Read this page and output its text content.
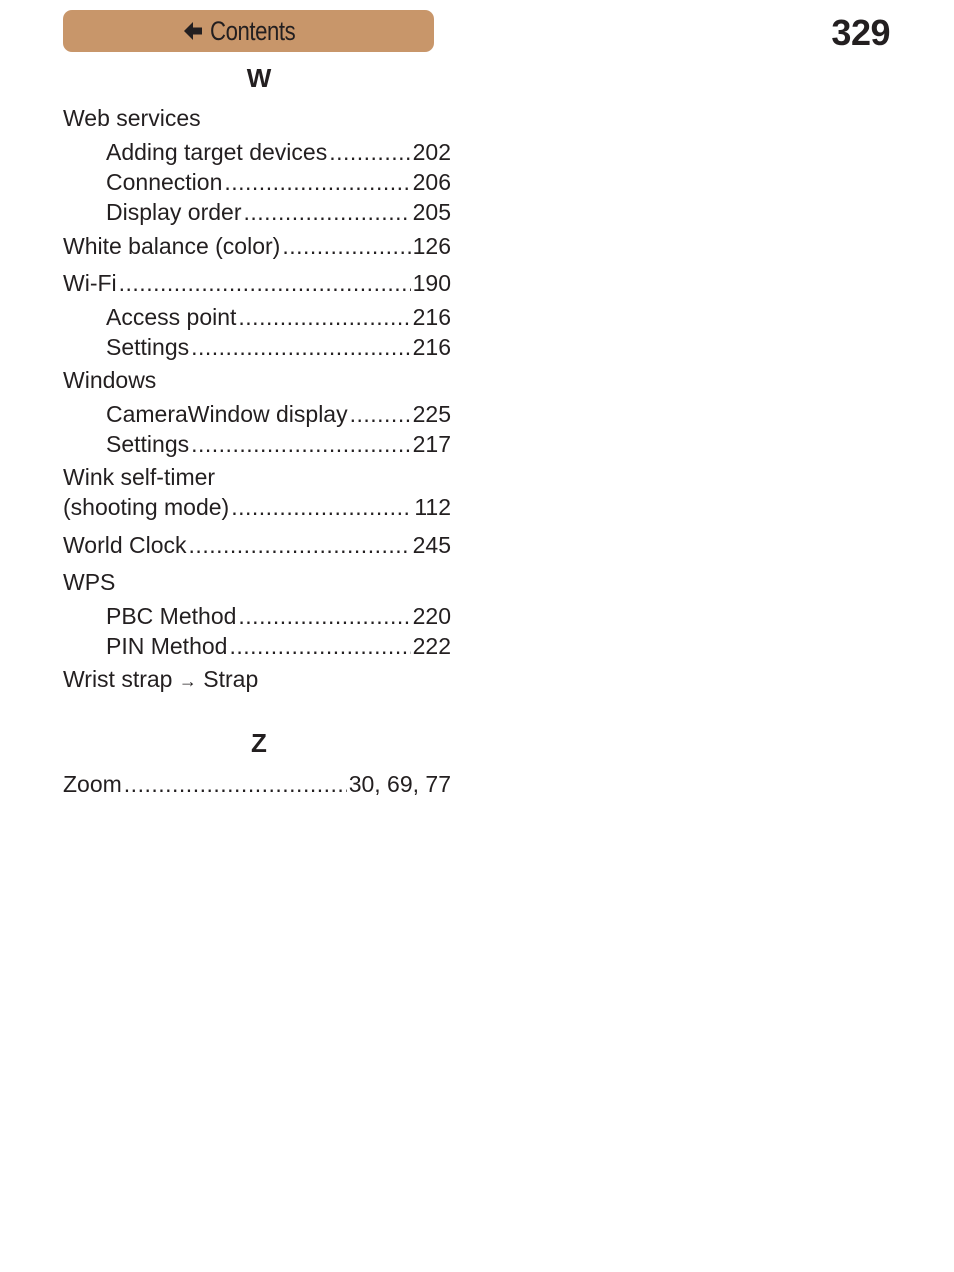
Contents	329
W
Web services
Adding target devices .....	202
Connection .....	206
Display order .....	205
White balance (color) .....	126
Wi-Fi .....	190
Access point .....	216
Settings .....	216
Windows
CameraWindow display .....	225
Settings .....	217
Wink self-timer
(shooting mode) .....	112
World Clock .....	245
WPS
PBC Method .....	220
PIN Method .....	222
Wrist strap → Strap
Z
Zoom .....	30, 69, 77
